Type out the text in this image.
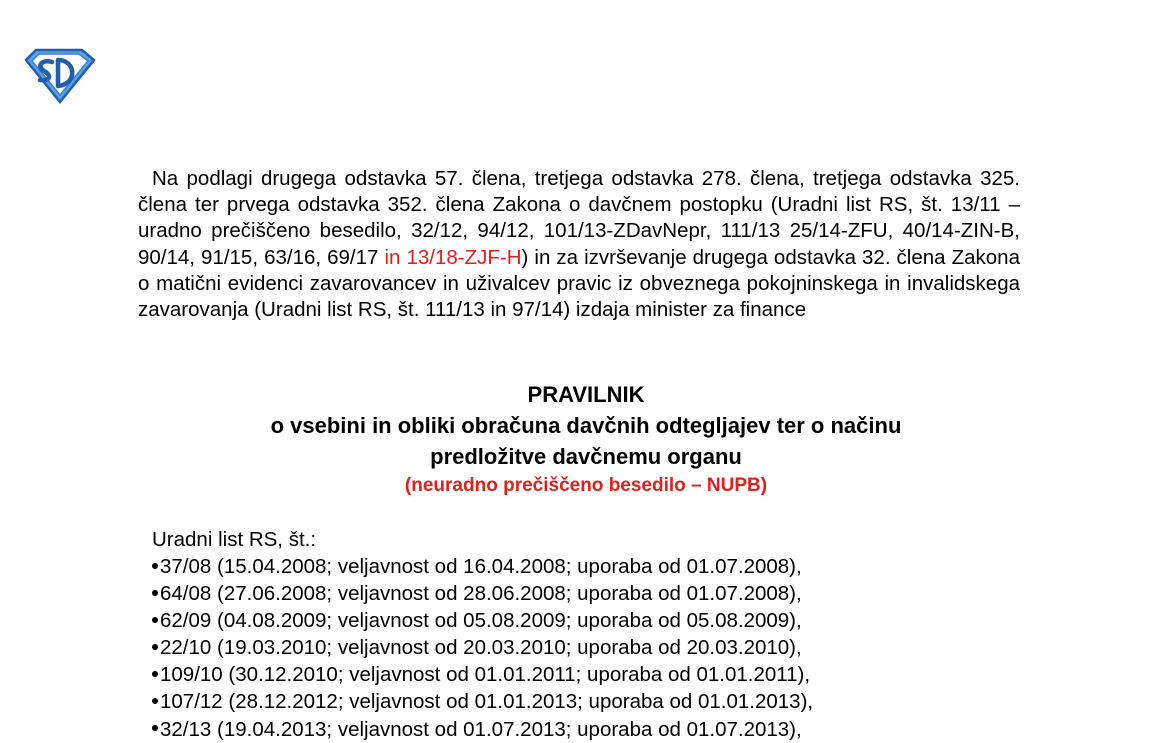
Na podlagi drugega odstavka 57. člena, tretjega odstavka 278. člena, tretjega odstavka 325. člena ter prvega odstavka 352. člena Zakona o davčnem postopku (Uradni list RS, št. 13/11 – uradno prečiščeno besedilo, 32/12, 94/12, 101/13-ZDavNepr, 111/13 25/14-ZFU, 40/14-ZIN-B, 90/14, 91/15, 63/16, 69/17 in 13/18-ZJF-H) in za izvrševanje drugega odstavka 32. člena Zakona o matični evidenci zavarovancev in uživalcev pravic iz obveznega pokojninskega in invalidskega zavarovanja (Uradni list RS, št. 111/13 in 97/14) izdaja minister za finance

PRAVILNIK

o vsebini in obliki obračuna davčnih odtegljajev ter o načinu

predložitve davčnemu organu

(neuradno prečiščeno besedilo – NUPB)

Uradni list RS, št.:

37/08 (15.04.2008; veljavnost od 16.04.2008; uporaba od 01.07.2008),
64/08 (27.06.2008; veljavnost od 28.06.2008; uporaba od 01.07.2008),
62/09 (04.08.2009; veljavnost od 05.08.2009; uporaba od 05.08.2009),
22/10 (19.03.2010; veljavnost od 20.03.2010; uporaba od 20.03.2010),
109/10 (30.12.2010; veljavnost od 01.01.2011; uporaba od 01.01.2011),
107/12 (28.12.2012; veljavnost od 01.01.2013; uporaba od 01.01.2013),
32/13 (19.04.2013; veljavnost od 01.07.2013; uporaba od 01.07.2013),
